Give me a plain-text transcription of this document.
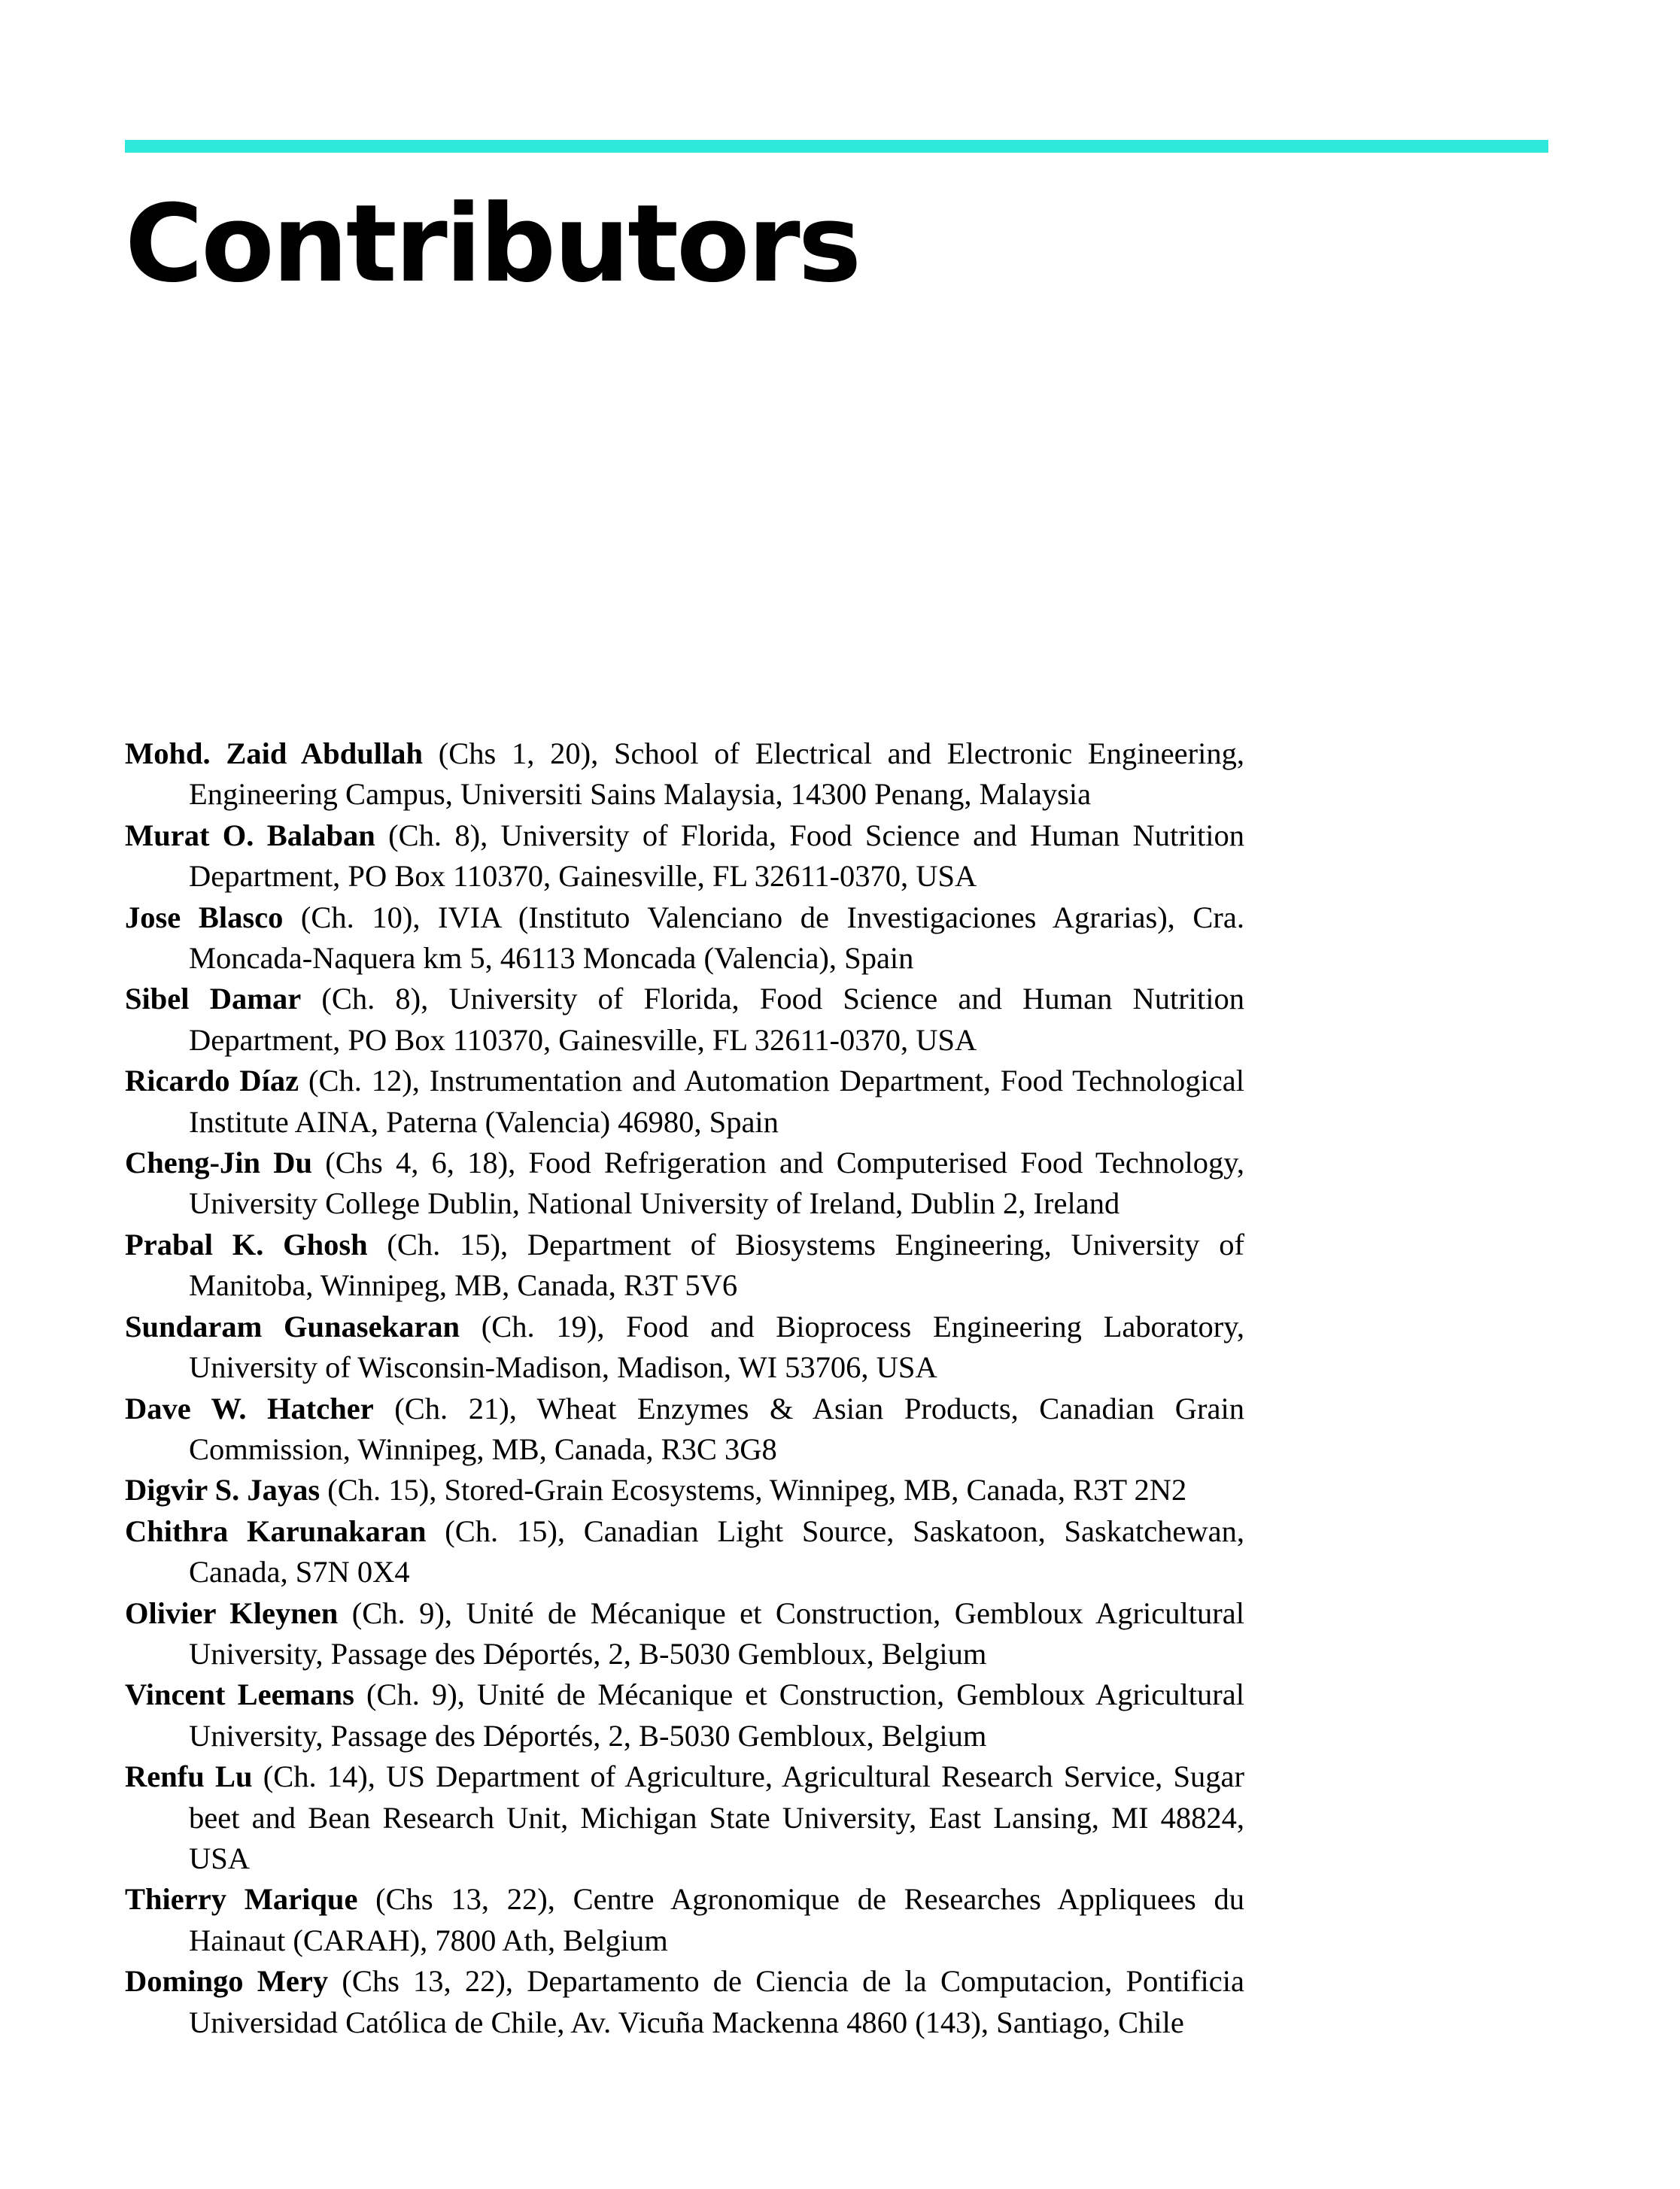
Contributors

Mohd. Zaid Abdullah (Chs 1, 20), School of Electrical and Electronic Engineering, Engineering Campus, Universiti Sains Malaysia, 14300 Penang, Malaysia

Murat O. Balaban (Ch. 8), University of Florida, Food Science and Human Nutrition Department, PO Box 110370, Gainesville, FL 32611-0370, USA

Jose Blasco (Ch. 10), IVIA (Instituto Valenciano de Investigaciones Agrarias), Cra. Moncada-Naquera km 5, 46113 Moncada (Valencia), Spain

Sibel Damar (Ch. 8), University of Florida, Food Science and Human Nutrition Department, PO Box 110370, Gainesville, FL 32611-0370, USA

Ricardo Díaz (Ch. 12), Instrumentation and Automation Department, Food Technological Institute AINA, Paterna (Valencia) 46980, Spain

Cheng-Jin Du (Chs 4, 6, 18), Food Refrigeration and Computerised Food Technology, University College Dublin, National University of Ireland, Dublin 2, Ireland

Prabal K. Ghosh (Ch. 15), Department of Biosystems Engineering, University of Manitoba, Winnipeg, MB, Canada, R3T 5V6

Sundaram Gunasekaran (Ch. 19), Food and Bioprocess Engineering Laboratory, University of Wisconsin-Madison, Madison, WI 53706, USA

Dave W. Hatcher (Ch. 21), Wheat Enzymes & Asian Products, Canadian Grain Commission, Winnipeg, MB, Canada, R3C 3G8

Digvir S. Jayas (Ch. 15), Stored-Grain Ecosystems, Winnipeg, MB, Canada, R3T 2N2

Chithra Karunakaran (Ch. 15), Canadian Light Source, Saskatoon, Saskatchewan, Canada, S7N 0X4

Olivier Kleynen (Ch. 9), Unité de Mécanique et Construction, Gembloux Agricultural University, Passage des Déportés, 2, B-5030 Gembloux, Belgium

Vincent Leemans (Ch. 9), Unité de Mécanique et Construction, Gembloux Agricultural University, Passage des Déportés, 2, B-5030 Gembloux, Belgium

Renfu Lu (Ch. 14), US Department of Agriculture, Agricultural Research Service, Sugar beet and Bean Research Unit, Michigan State University, East Lansing, MI 48824, USA

Thierry Marique (Chs 13, 22), Centre Agronomique de Researches Appliquees du Hainaut (CARAH), 7800 Ath, Belgium

Domingo Mery (Chs 13, 22), Departamento de Ciencia de la Computacion, Pontificia Universidad Católica de Chile, Av. Vicuña Mackenna 4860 (143), Santiago, Chile
